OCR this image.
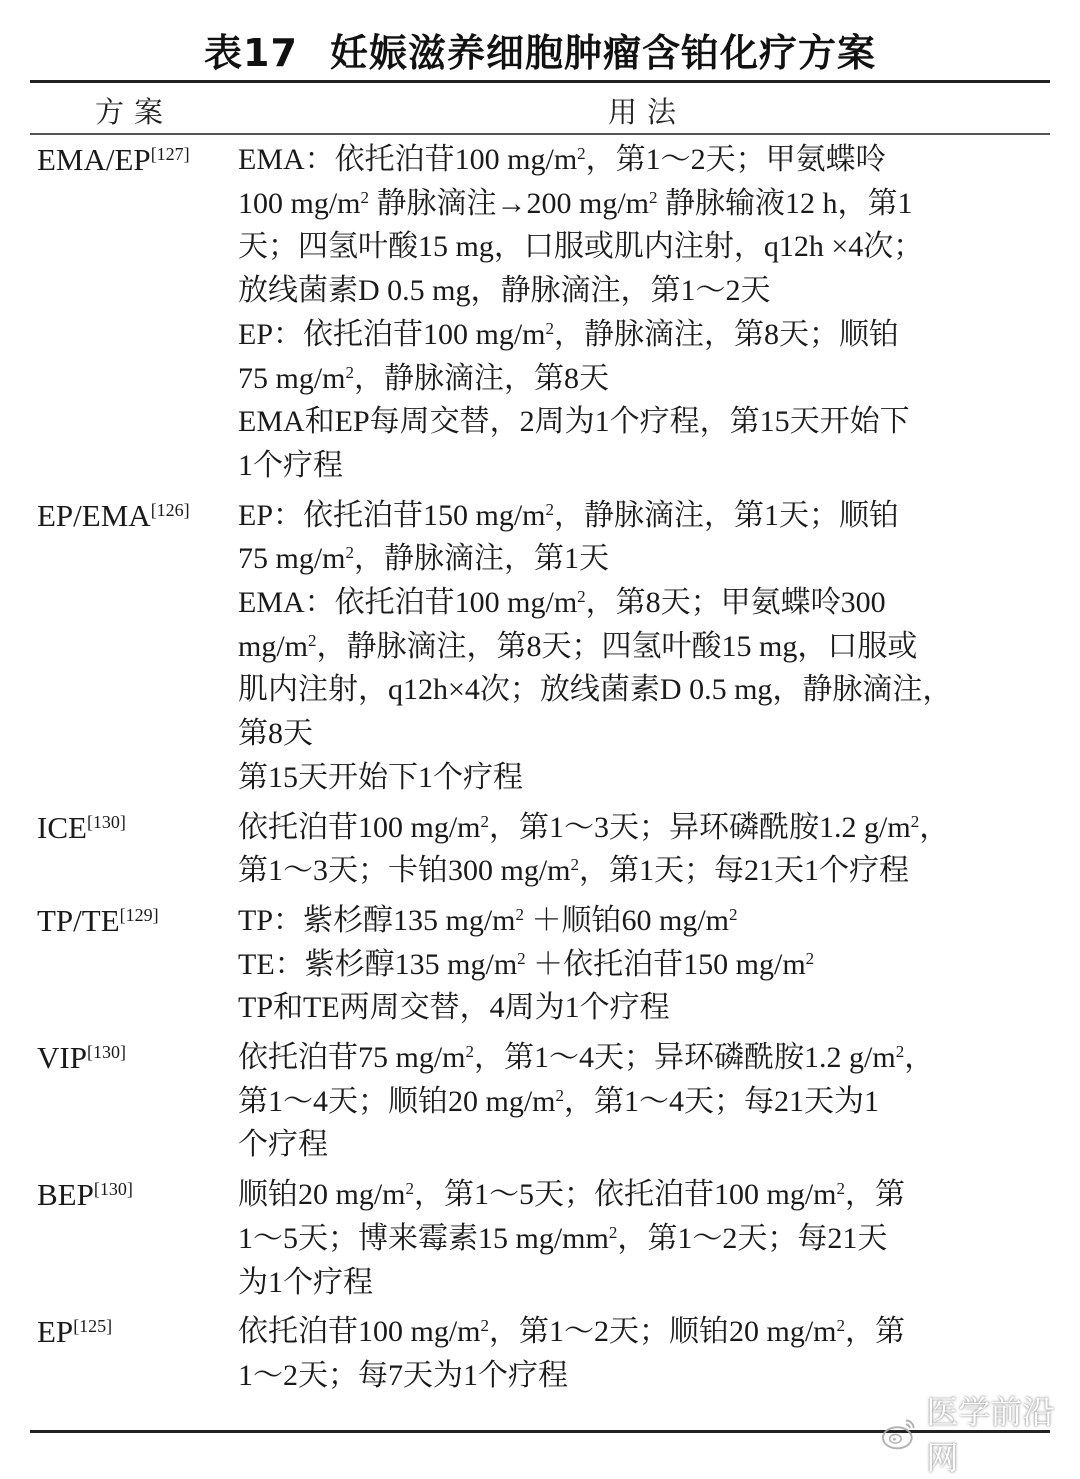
表17 妊娠滋养细胞肿瘤含铂化疗方案
方案	用法
EMA/EP[127]	EMA：依托泊苷100 $mg/m^2$，第1～2天；甲氨蝶呤
100 $mg/m^2$ 静脉滴注→200 $mg/m^2$ 静脉输液12 h，第1
天；四氢叶酸15 mg，口服或肌内注射，q12h ×4次；
放线菌素D 0.5 mg，静脉滴注，第1～2天
EP：依托泊苷100 $mg/m^2$，静脉滴注，第8天；顺铂
75 $mg/m^2$，静脉滴注，第8天
EMA和EP每周交替，2周为1个疗程，第15天开始下
1个疗程
EP/EMA[126]	EP：依托泊苷150 $mg/m^2$，静脉滴注，第1天；顺铂
75 $mg/m^2$，静脉滴注，第1天
EMA：依托泊苷100 $mg/m^2$，第8天；甲氨蝶呤300
$mg/m^2$，静脉滴注，第8天；四氢叶酸15 mg，口服或
肌内注射，q12h×4次；放线菌素D 0.5 mg，静脉滴注，
第8天
第15天开始下1个疗程
ICE[130]	依托泊苷100 $mg/m^2$，第1～3天；异环磷酰胺1.2 $g/m^2$，
第1～3天；卡铂300 $mg/m^2$，第1天；每21天1个疗程
TP/TE[129]	TP：紫杉醇135 $mg/m^2$ ＋顺铂60 $mg/m^2$
TE：紫杉醇135 $mg/m^2$ ＋依托泊苷150 $mg/m^2$
TP和TE两周交替，4周为1个疗程
VIP[130]	依托泊苷75 $mg/m^2$，第1～4天；异环磷酰胺1.2 $g/m^2$，
第1～4天；顺铂20 $mg/m^2$，第1～4天；每21天为1
个疗程
BEP[130]	顺铂20 $mg/m^2$，第1～5天；依托泊苷100 $mg/m^2$，第
1～5天；博来霉素15 $mg/mm^2$，第1～2天；每21天
为1个疗程
EP[125]	依托泊苷100 $mg/m^2$，第1～2天；顺铂20 $mg/m^2$，第
1～2天；每7天为1个疗程
医学前沿网
